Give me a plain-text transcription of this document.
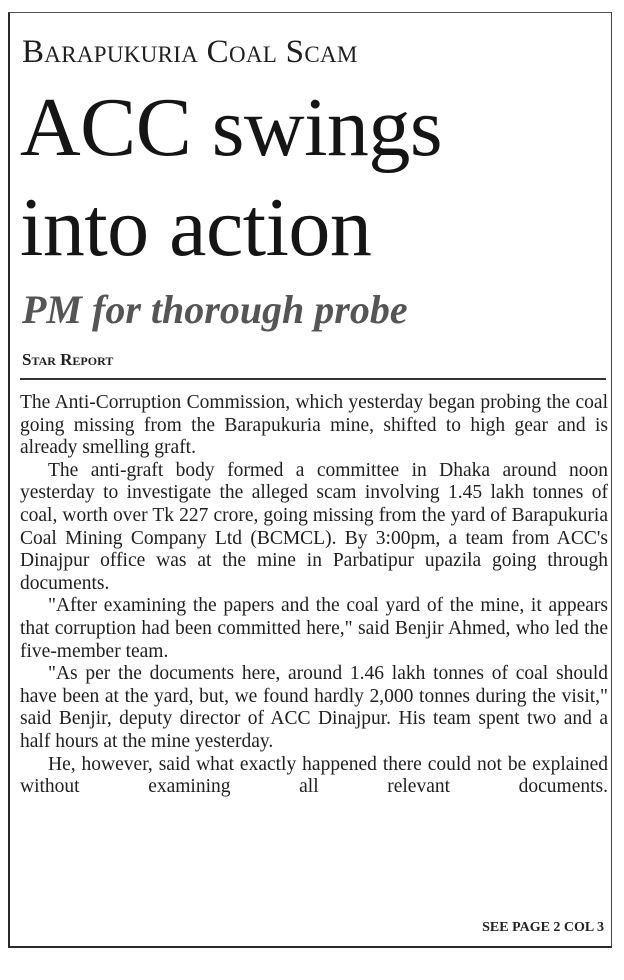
Barapukuria Coal Scam
ACC swings
into action
PM for thorough probe
Star Report

The Anti-Corruption Commission, which yesterday began probing the coal going missing from the Barapukuria mine, shifted to high gear and is already smelling graft.

The anti-graft body formed a committee in Dhaka around noon yesterday to investigate the alleged scam involving 1.45 lakh tonnes of coal, worth over Tk 227 crore, going missing from the yard of Barapukuria Coal Mining Company Ltd (BCMCL). By 3:00pm, a team from ACC's Dinajpur office was at the mine in Parbatipur upazila going through documents.

"After examining the papers and the coal yard of the mine, it appears that corruption had been committed here," said Benjir Ahmed, who led the five-member team.

"As per the documents here, around 1.46 lakh tonnes of coal should have been at the yard, but, we found hardly 2,000 tonnes during the visit," said Benjir, deputy director of ACC Dinajpur. His team spent two and a half hours at the mine yesterday.

He, however, said what exactly happened there could not be explained without examining all relevant documents.

SEE PAGE 2 COL 3
